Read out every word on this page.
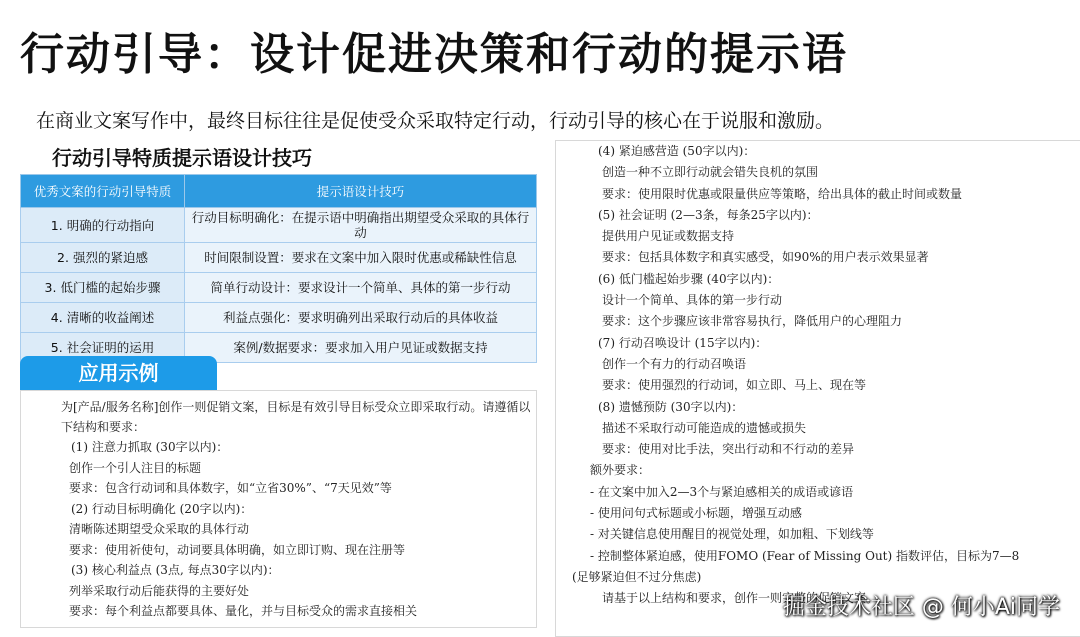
行动引导：设计促进决策和行动的提示语
在商业文案写作中，最终目标往往是促使受众采取特定行动，行动引导的核心在于说服和激励。
行动引导特质提示语设计技巧
优秀文案的行动引导特质	提示语设计技巧
1. 明确的行动指向	行动目标明确化：在提示语中明确指出期望受众采取的具体行动
2. 强烈的紧迫感	时间限制设置：要求在文案中加入限时优惠或稀缺性信息
3. 低门槛的起始步骤	简单行动设计：要求设计一个简单、具体的第一步行动
4. 清晰的收益阐述	利益点强化：要求明确列出采取行动后的具体收益
5. 社会证明的运用	案例/数据要求：要求加入用户见证或数据支持
应用示例
为[产品/服务名称]创作一则促销文案，目标是有效引导目标受众立即采取行动。请遵循以下结构和要求：
(1) 注意力抓取 (30字以内)：
创作一个引人注目的标题
要求：包含行动词和具体数字，如“立省30%”、“7天见效”等
(2) 行动目标明确化 (20字以内)：
清晰陈述期望受众采取的具体行动
要求：使用祈使句，动词要具体明确，如立即订购、现在注册等
(3) 核心利益点 (3点, 每点30字以内)：
列举采取行动后能获得的主要好处
要求：每个利益点都要具体、量化，并与目标受众的需求直接相关
(4) 紧迫感营造 (50字以内)：
创造一种不立即行动就会错失良机的氛围
要求：使用限时优惠或限量供应等策略，给出具体的截止时间或数量
(5) 社会证明 (2—3条，每条25字以内)：
提供用户见证或数据支持
要求：包括具体数字和真实感受，如90%的用户表示效果显著
(6) 低门槛起始步骤 (40字以内)：
设计一个简单、具体的第一步行动
要求：这个步骤应该非常容易执行，降低用户的心理阻力
(7) 行动召唤设计 (15字以内)：
创作一个有力的行动召唤语
要求：使用强烈的行动词，如立即、马上、现在等
(8) 遗憾预防 (30字以内)：
描述不采取行动可能造成的遗憾或损失
要求：使用对比手法，突出行动和不行动的差异
额外要求：
- 在文案中加入2—3个与紧迫感相关的成语或谚语
- 使用问句式标题或小标题，增强互动感
- 对关键信息使用醒目的视觉处理，如加粗、下划线等
- 控制整体紧迫感，使用FOMO (Fear of Missing Out) 指数评估，目标为7—8
(足够紧迫但不过分焦虑)
请基于以上结构和要求，创作一则完整的促销文案。
掘金技术社区 @ 何小Ai同学
